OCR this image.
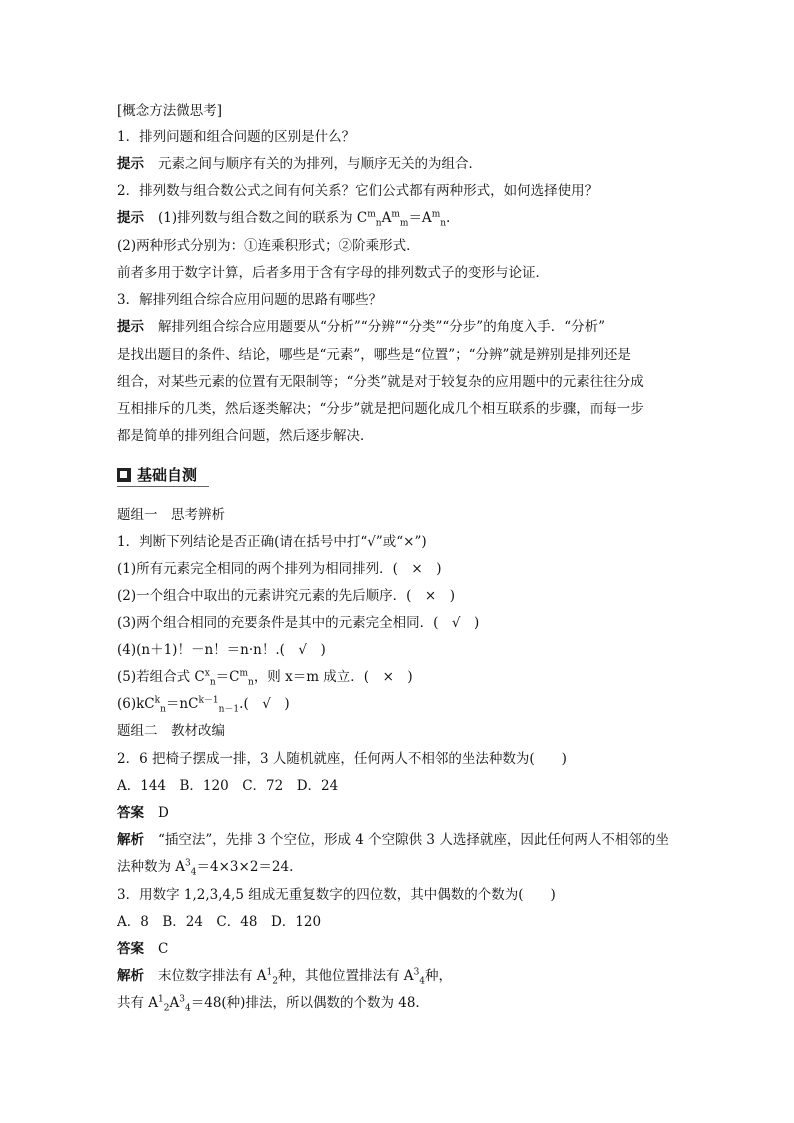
[概念方法微思考]
1．排列问题和组合问题的区别是什么？
提示 元素之间与顺序有关的为排列，与顺序无关的为组合．
2．排列数与组合数公式之间有何关系？它们公式都有两种形式，如何选择使用？
提示 (1)排列数与组合数之间的联系为 $C^m_nA^m_m=A^m_n$.
(2)两种形式分别为：①连乘积形式；②阶乘形式．
前者多用于数字计算，后者多用于含有字母的排列数式子的变形与论证．
3．解排列组合综合应用问题的思路有哪些？
提示 解排列组合综合应用题要从“分析”“分辨”“分类”“分步”的角度入手．“分析”
是找出题目的条件、结论，哪些是“元素”，哪些是“位置”；“分辨”就是辨别是排列还是
组合，对某些元素的位置有无限制等；“分类”就是对于较复杂的应用题中的元素往往分成
互相排斥的几类，然后逐类解决；“分步”就是把问题化成几个相互联系的步骤，而每一步
都是简单的排列组合问题，然后逐步解决．
基础自测
题组一　思考辨析
1．判断下列结论是否正确(请在括号中打“√”或“×”)
(1)所有元素完全相同的两个排列为相同排列．(　×　)
(2)一个组合中取出的元素讲究元素的先后顺序．(　×　)
(3)两个组合相同的充要条件是其中的元素完全相同．(　√　)
(4)(n＋1)！－n！＝n·n！.(　√　)
(5)若组合式 $C^x_n=C^m_n$，则 x＝m 成立．(　×　)
$(6)kC^k_n=nC^{k-1}_{n-1}$.(　√　)
题组二　教材改编
2．6 把椅子摆成一排，3 人随机就座，任何两人不相邻的坐法种数为(　　)
A．144　B．120　C．72　D．24
答案 D
解析 “插空法”，先排 3 个空位，形成 4 个空隙供 3 人选择就座，因此任何两人不相邻的坐
法种数为 $A^3_4=4\times 3\times 2=24$.
3．用数字 1,2,3,4,5 组成无重复数字的四位数，其中偶数的个数为(　　)
A．8　B．24　C．48　D．120
答案 C
解析 末位数字排法有 $A^1_2$种，其他位置排法有 $A^3_4$种，
共有 $A^1_2A^3_4=48$(种)排法，所以偶数的个数为 48.
